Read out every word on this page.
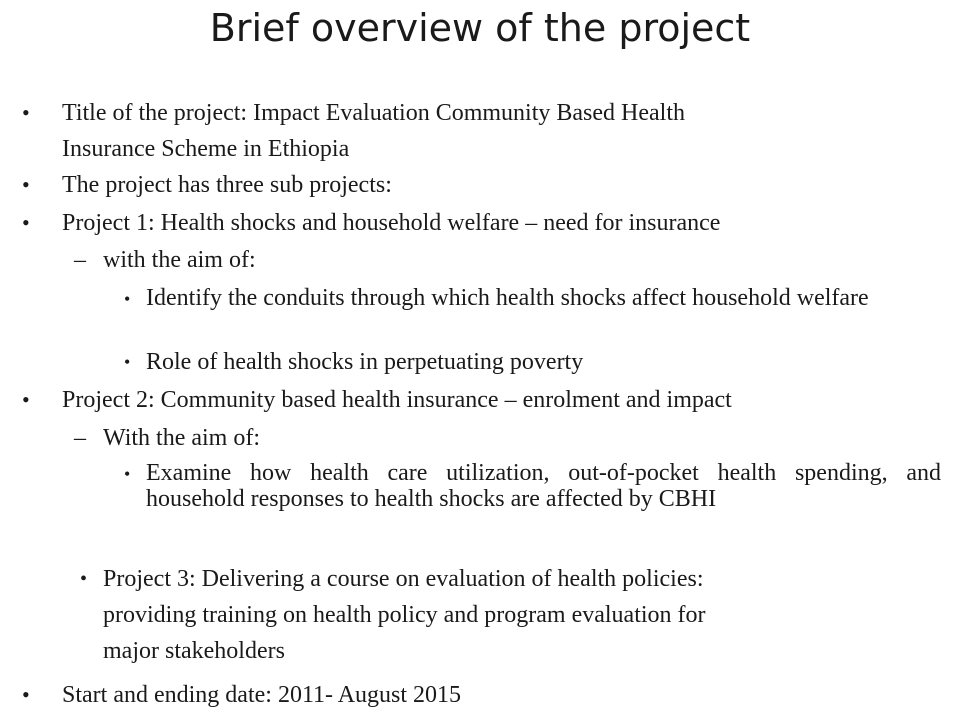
Brief overview of the project
• Title of the project: Impact Evaluation Community Based Health
Insurance Scheme in Ethiopia
• The project has three sub projects:
• Project 1: Health shocks and household welfare – need for insurance
– with the aim of:
• Identify the conduits through which health shocks affect household welfare
• Role of health shocks in perpetuating poverty
• Project 2: Community based health insurance – enrolment and impact
– With the aim of:
• Examine how health care utilization, out-of-pocket health spending, and household responses to health shocks are affected by CBHI
• Project 3: Delivering a course on evaluation of health policies:
providing training on health policy and program evaluation for
major stakeholders
• Start and ending date: 2011- August 2015
